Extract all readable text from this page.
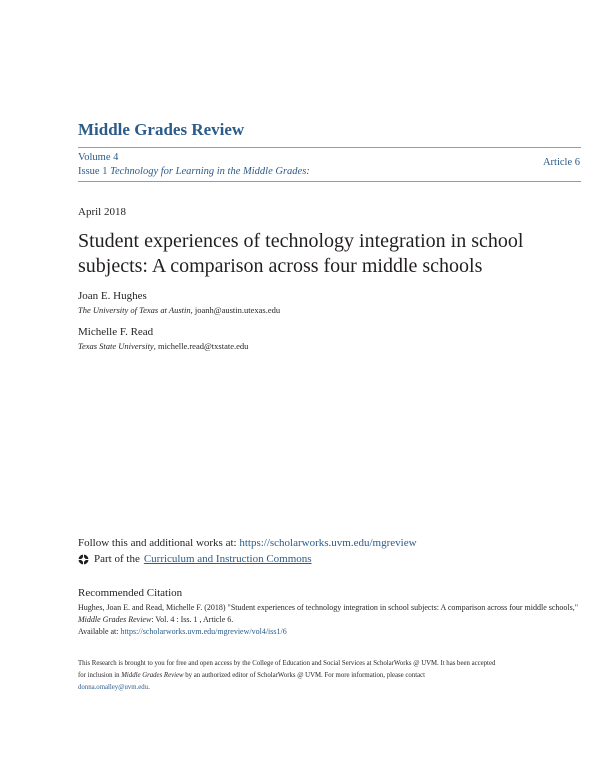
Middle Grades Review
Volume 4
Issue 1 Technology for Learning in the Middle Grades:
Article 6
April 2018
Student experiences of technology integration in school subjects: A comparison across four middle schools
Joan E. Hughes
The University of Texas at Austin, joanh@austin.utexas.edu
Michelle F. Read
Texas State University, michelle.read@txstate.edu
Follow this and additional works at: https://scholarworks.uvm.edu/mgreview
Part of the Curriculum and Instruction Commons
Recommended Citation
Hughes, Joan E. and Read, Michelle F. (2018) "Student experiences of technology integration in school subjects: A comparison across four middle schools," Middle Grades Review: Vol. 4 : Iss. 1 , Article 6.
Available at: https://scholarworks.uvm.edu/mgreview/vol4/iss1/6
This Research is brought to you for free and open access by the College of Education and Social Services at ScholarWorks @ UVM. It has been accepted for inclusion in Middle Grades Review by an authorized editor of ScholarWorks @ UVM. For more information, please contact donna.omalley@uvm.edu.
